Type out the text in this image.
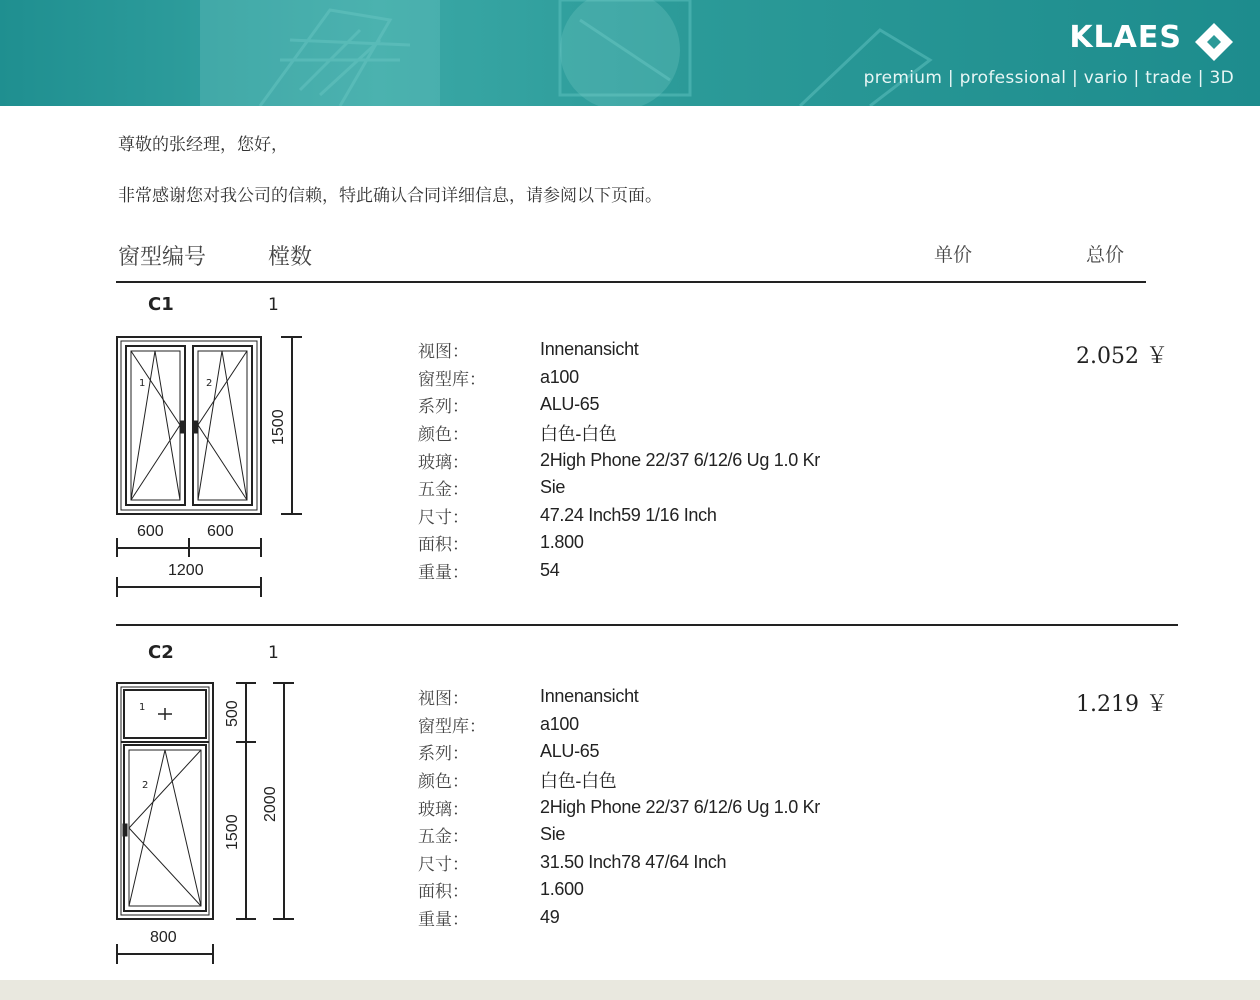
KLAES
premium | professional | vario | trade | 3D
尊敬的张经理，您好，
非常感谢您对我公司的信赖，特此确认合同详细信息，请参阅以下页面。
窗型编号	樘数	单价	总价
C1	1
1	2
600	600
1200
1500
视图：	Innenansicht
窗型库：	a100
系列：	ALU-65
颜色：	白色-白色
玻璃：	2High Phone 22/37 6/12/6 Ug 1.0 Kr
五金：	Sie
尺寸：	47.24 Inch59 1/16 Inch
面积：	1.800
重量：	54
2.052 ￥
C2	1
1
2
800
500
1500
2000
视图：	Innenansicht
窗型库：	a100
系列：	ALU-65
颜色：	白色-白色
玻璃：	2High Phone 22/37 6/12/6 Ug 1.0 Kr
五金：	Sie
尺寸：	31.50 Inch78 47/64 Inch
面积：	1.600
重量：	49
1.219 ￥
